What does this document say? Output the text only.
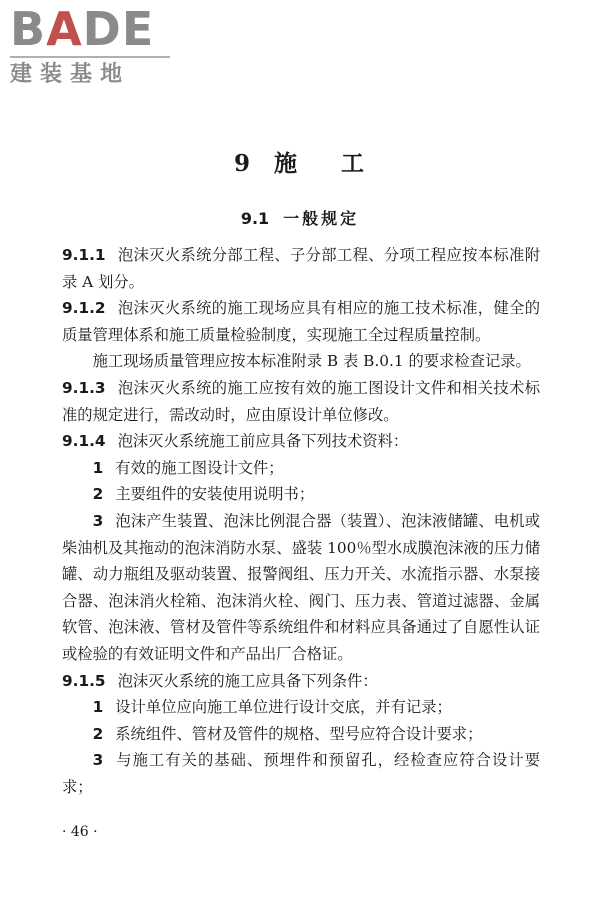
BADE
建装基地
9 施 工
9.1 一般规定

9.1.1 泡沫灭火系统分部工程、子分部工程、分项工程应按本标准附录 A 划分。

9.1.2 泡沫灭火系统的施工现场应具有相应的施工技术标准，健全的质量管理体系和施工质量检验制度，实现施工全过程质量控制。

施工现场质量管理应按本标准附录 B 表 B.0.1 的要求检查记录。

9.1.3 泡沫灭火系统的施工应按有效的施工图设计文件和相关技术标准的规定进行，需改动时，应由原设计单位修改。

9.1.4 泡沫灭火系统施工前应具备下列技术资料：

1 有效的施工图设计文件；

2 主要组件的安装使用说明书；

3 泡沫产生装置、泡沫比例混合器（装置）、泡沫液储罐、电机或柴油机及其拖动的泡沫消防水泵、盛装 100％型水成膜泡沫液的压力储罐、动力瓶组及驱动装置、报警阀组、压力开关、水流指示器、水泵接合器、泡沫消火栓箱、泡沫消火栓、阀门、压力表、管道过滤器、金属软管、泡沫液、管材及管件等系统组件和材料应具备通过了自愿性认证或检验的有效证明文件和产品出厂合格证。

9.1.5 泡沫灭火系统的施工应具备下列条件：

1 设计单位应向施工单位进行设计交底，并有记录；

2 系统组件、管材及管件的规格、型号应符合设计要求；

3 与施工有关的基础、预埋件和预留孔，经检查应符合设计要求；

· 46 ·
